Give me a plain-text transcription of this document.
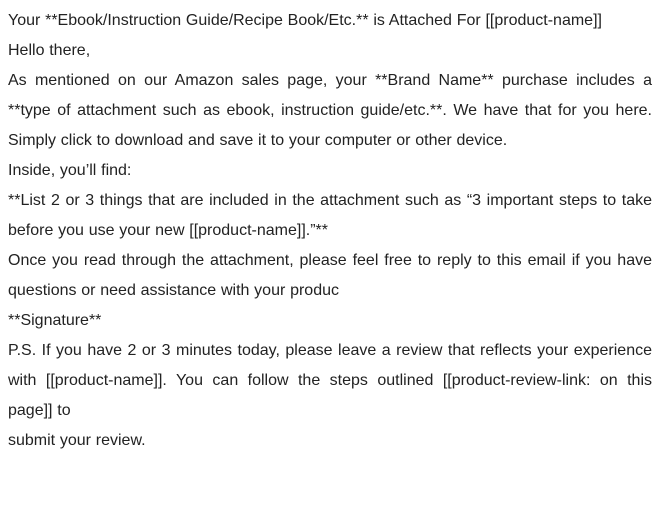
Your **Ebook/Instruction Guide/Recipe Book/Etc.** is Attached For [[product-name]]

Hello there,

As mentioned on our Amazon sales page, your **Brand Name** purchase includes a **type of attachment such as ebook, instruction guide/etc.**. We have that for you here. Simply click to download and save it to your computer or other device.

Inside, you’ll find:

**List 2 or 3 things that are included in the attachment such as “3 important steps to take before you use your new [[product-name]].”**

Once you read through the attachment, please feel free to reply to this email if you have questions or need assistance with your produc

**Signature**

P.S. If you have 2 or 3 minutes today, please leave a review that reflects your experience with [[product-name]]. You can follow the steps outlined [[product-review-link: on this page]] to

submit your review.
